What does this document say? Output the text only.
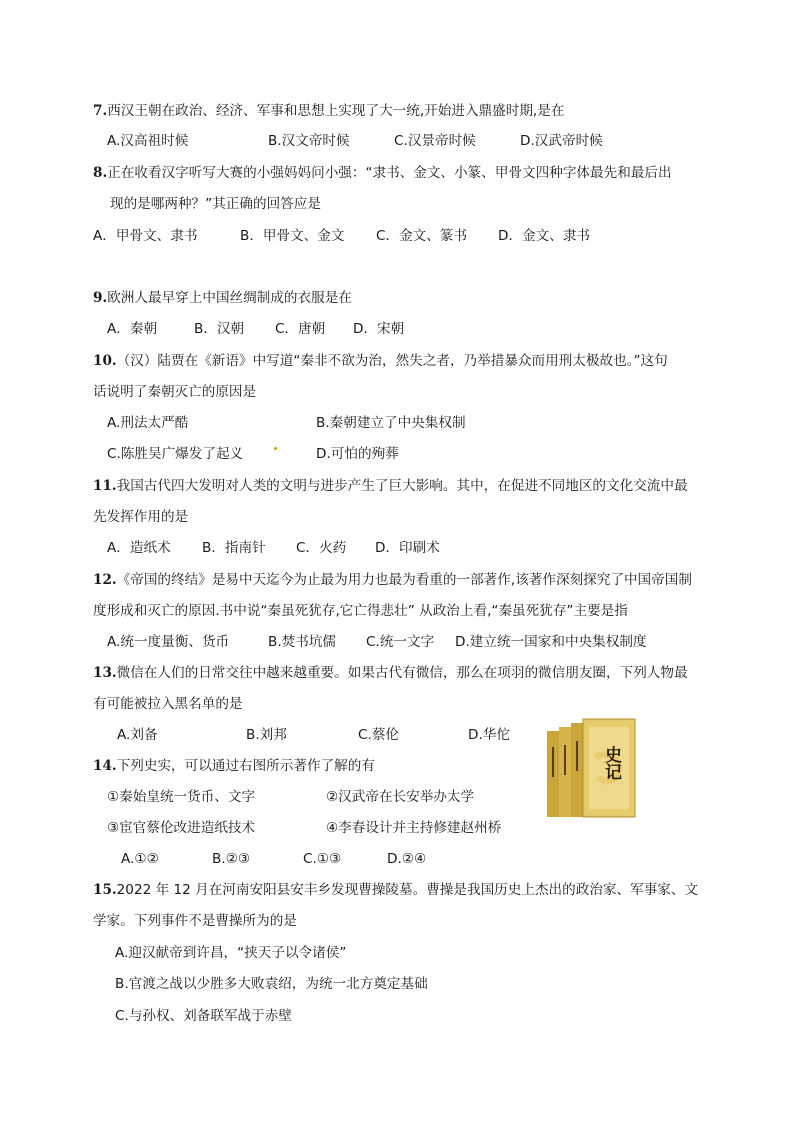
7.西汉王朝在政治、经济、军事和思想上实现了大一统,开始进入鼎盛时期,是在
A.汉高祖时候	B.汉文帝时候	C.汉景帝时候	D.汉武帝时候
8.正在收看汉字听写大赛的小强妈妈问小强：“隶书、金文、小篆、甲骨文四种字体最先和最后出
现的是哪两种？”其正确的回答应是
A．甲骨文、隶书	B．甲骨文、金文 C．金文、篆书 D．金文、隶书
9.欧洲人最早穿上中国丝绸制成的衣服是在
A．秦朝	B．汉朝 C．唐朝 D．宋朝
10.（汉）陆贾在《新语》中写道“秦非不欲为治，然失之者，乃举措暴众而用刑太极故也。”这句
话说明了秦朝灭亡的原因是
A.刑法太严酷	B.秦朝建立了中央集权制
C.陈胜吴广爆发了起义	D.可怕的殉葬
11.我国古代四大发明对人类的文明与进步产生了巨大影响。其中，在促进不同地区的文化交流中最
先发挥作用的是
A．造纸术 B．指南针 C．火药 D．印刷术
12.《帝国的终结》是易中天迄今为止最为用力也最为看重的一部著作,该著作深刻探究了中国帝国制
度形成和灭亡的原因.书中说“秦虽死犹存,它亡得悲壮” 从政治上看,“秦虽死犹存”主要是指
A.统一度量衡、货币	B.焚书坑儒 C.统一文字 D.建立统一国家和中央集权制度
13.微信在人们的日常交往中越来越重要。如果古代有微信，那么在项羽的微信朋友圈，下列人物最
有可能被拉入黑名单的是
A.刘备	B.刘邦	C.蔡伦	D.华佗
14.下列史实，可以通过右图所示著作了解的有
①秦始皇统一货币、文字	②汉武帝在长安举办太学
③宦官蔡伦改进造纸技术	④李春设计并主持修建赵州桥
A.①②	B.②③	C.①③	D.②④
史记
15.2022 年 12 月在河南安阳县安丰乡发现曹操陵墓。曹操是我国历史上杰出的政治家、军事家、文
学家。下列事件不是曹操所为的是
A.迎汉献帝到许昌，“挟天子以令诸侯”
B.官渡之战以少胜多大败袁绍，为统一北方奠定基础
C.与孙权、刘备联军战于赤壁
